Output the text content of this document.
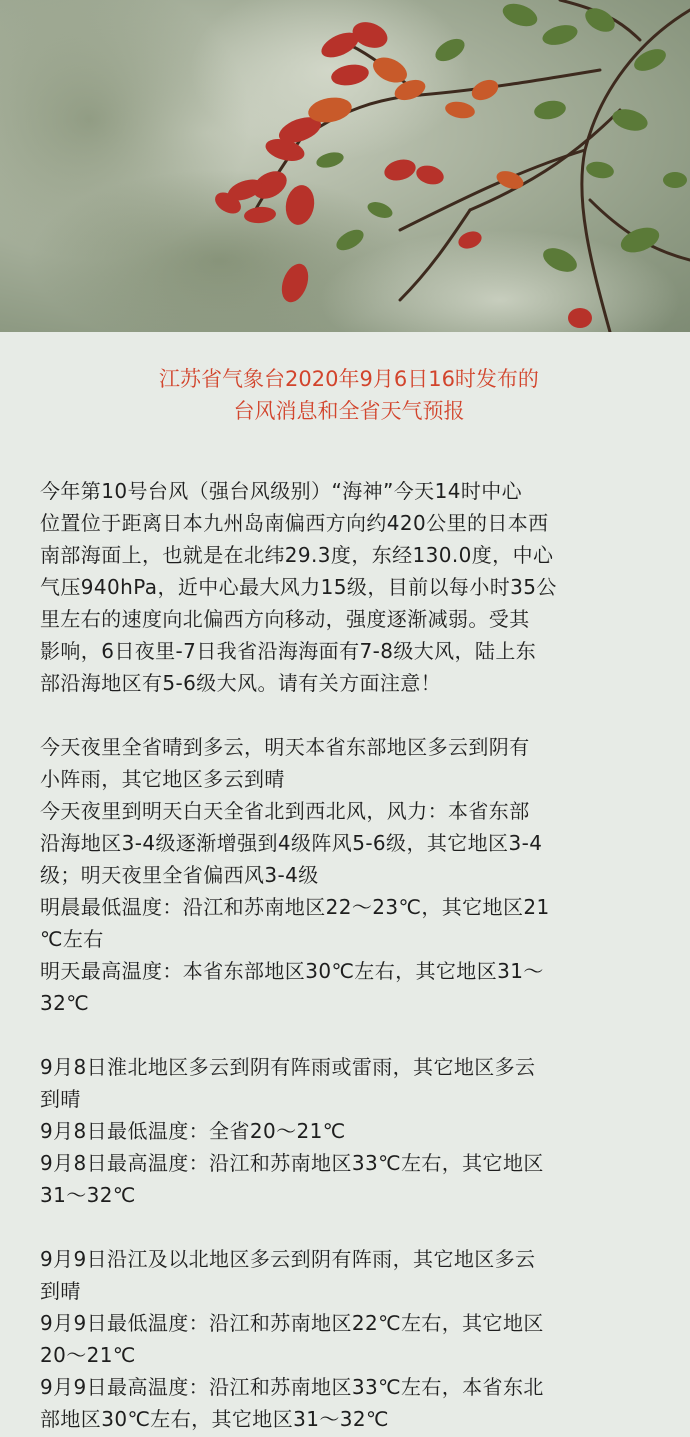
江苏省气象台2020年9月6日16时发布的
台风消息和全省天气预报
今年第10号台风（强台风级别）“海神”今天14时中心
位置位于距离日本九州岛南偏西方向约420公里的日本西
南部海面上，也就是在北纬29.3度，东经130.0度，中心
气压940hPa，近中心最大风力15级，目前以每小时35公
里左右的速度向北偏西方向移动，强度逐渐减弱。受其
影响，6日夜里-7日我省沿海海面有7-8级大风，陆上东
部沿海地区有5-6级大风。请有关方面注意！
今天夜里全省晴到多云，明天本省东部地区多云到阴有
小阵雨，其它地区多云到晴
今天夜里到明天白天全省北到西北风，风力：本省东部
沿海地区3-4级逐渐增强到4级阵风5-6级，其它地区3-4
级；明天夜里全省偏西风3-4级
明晨最低温度：沿江和苏南地区22～23℃，其它地区21
℃左右
明天最高温度：本省东部地区30℃左右，其它地区31～
32℃
9月8日淮北地区多云到阴有阵雨或雷雨，其它地区多云
到晴
9月8日最低温度：全省20～21℃
9月8日最高温度：沿江和苏南地区33℃左右，其它地区
31～32℃
9月9日沿江及以北地区多云到阴有阵雨，其它地区多云
到晴
9月9日最低温度：沿江和苏南地区22℃左右，其它地区
20～21℃
9月9日最高温度：沿江和苏南地区33℃左右，本省东北
部地区30℃左右，其它地区31～32℃
